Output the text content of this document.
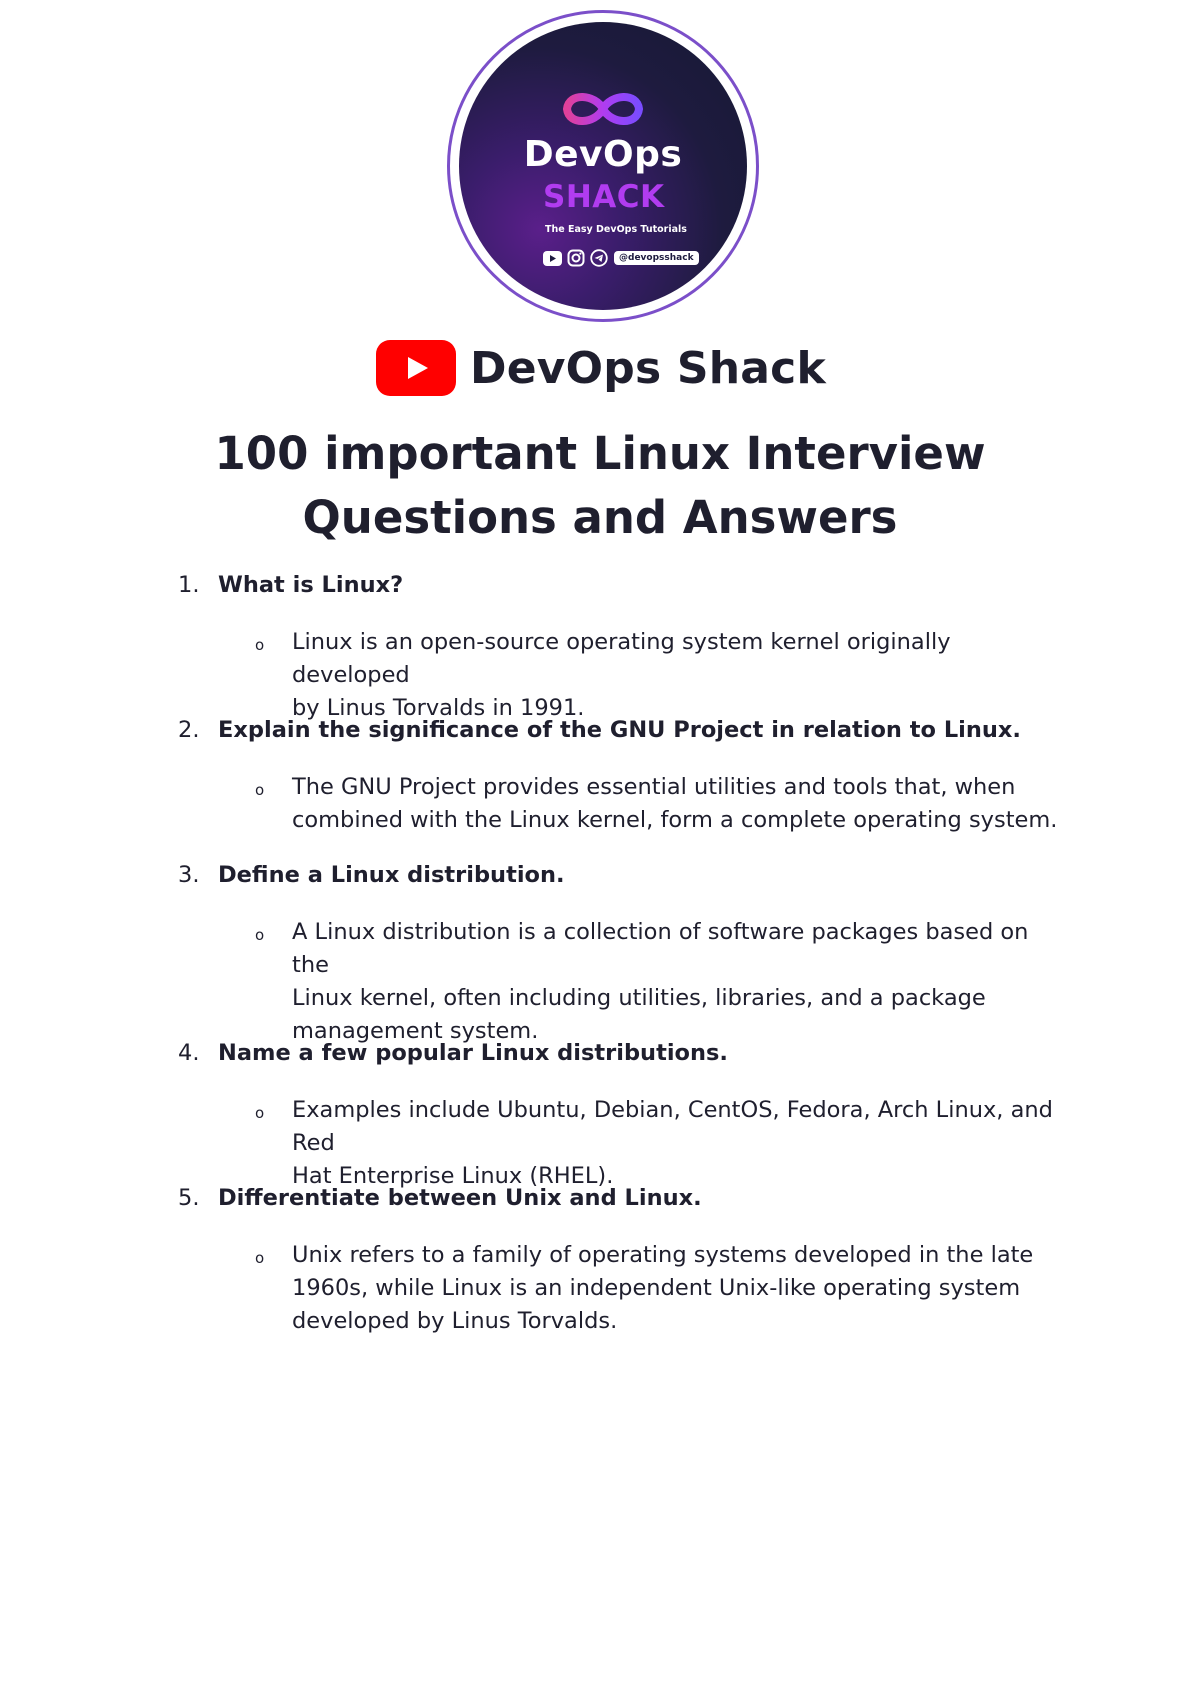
DevOps
SHACK
The Easy DevOps Tutorials
@devopsshack
DevOps Shack
100 important Linux Interview
Questions and Answers
1. What is Linux?
o Linux is an open-source operating system kernel originally developed
by Linus Torvalds in 1991.
2. Explain the significance of the GNU Project in relation to Linux.
o The GNU Project provides essential utilities and tools that, when
combined with the Linux kernel, form a complete operating system.
3. Define a Linux distribution.
o A Linux distribution is a collection of software packages based on the
Linux kernel, often including utilities, libraries, and a package
management system.
4. Name a few popular Linux distributions.
o Examples include Ubuntu, Debian, CentOS, Fedora, Arch Linux, and Red
Hat Enterprise Linux (RHEL).
5. Differentiate between Unix and Linux.
o Unix refers to a family of operating systems developed in the late
1960s, while Linux is an independent Unix-like operating system
developed by Linus Torvalds.
